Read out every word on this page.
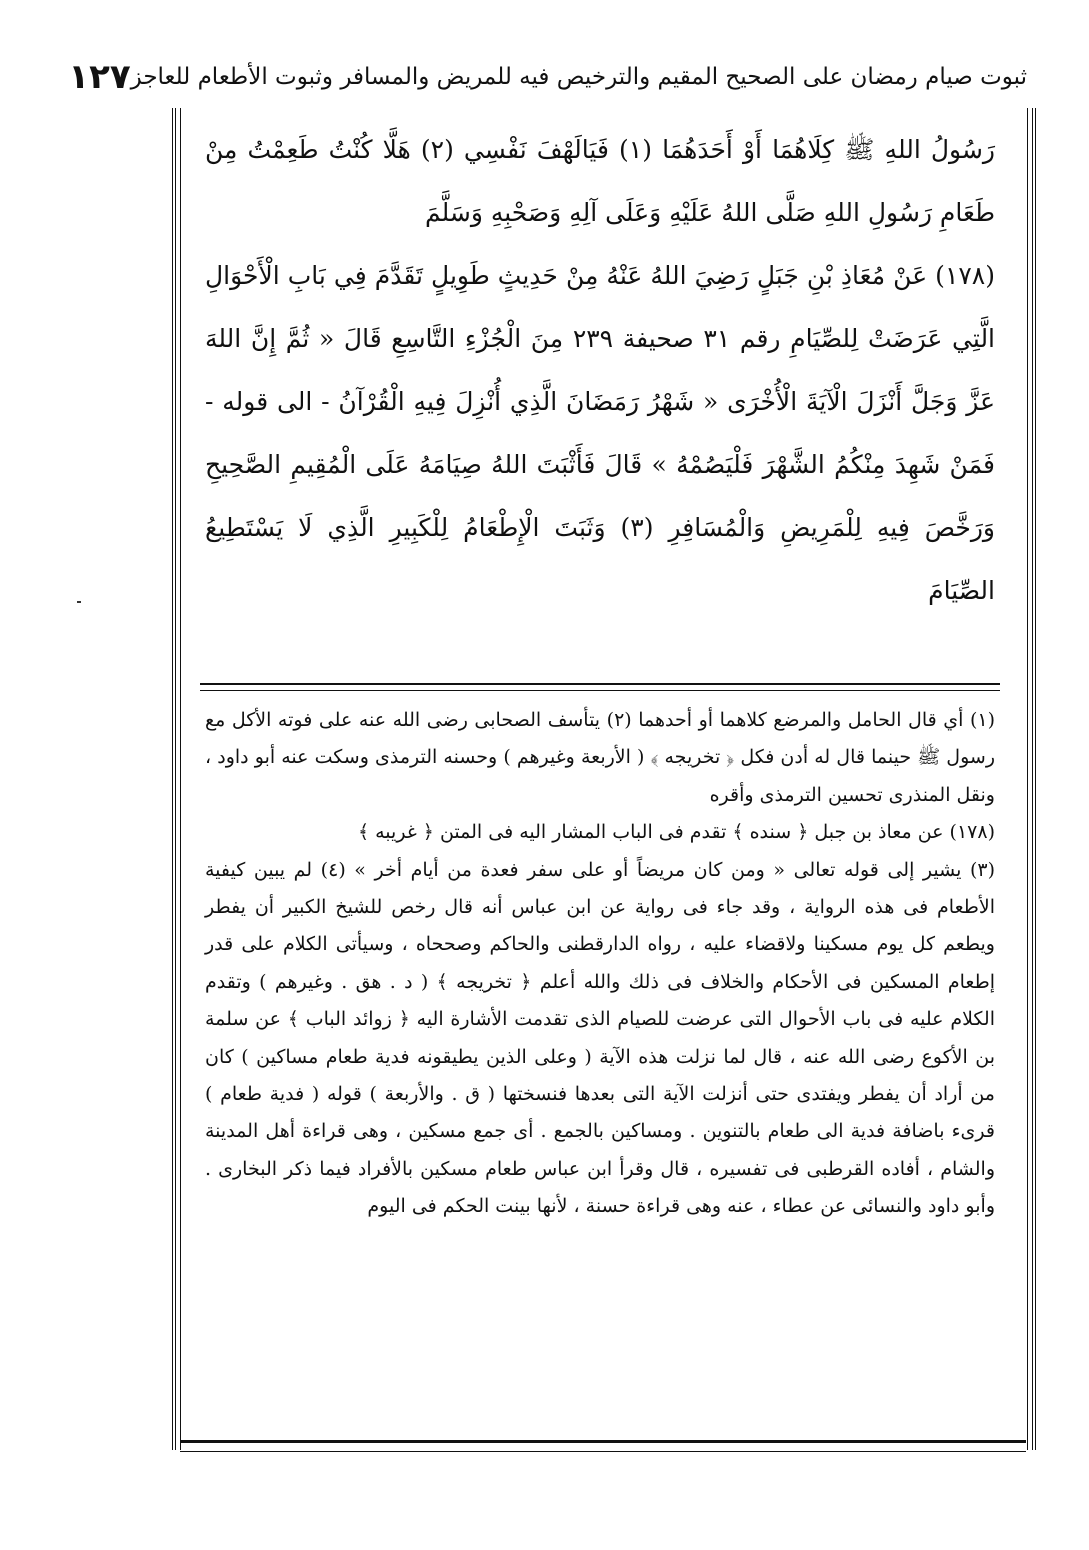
ثبوت صيام رمضان على الصحيح المقيم والترخيص فيه للمريض والمسافر وثبوت الأطعام للعاجز
١٢٧

رَسُولُ اللهِ ﷺ كِلَاهُمَا أَوْ أَحَدَهُمَا (١) فَيَالَهْفَ نَفْسِي (٢) هَلَّا كُنْتُ طَعِمْتُ مِنْ طَعَامِ رَسُولِ اللهِ صَلَّى اللهُ عَلَيْهِ وَعَلَى آلِهِ وَصَحْبِهِ وَسَلَّمَ

(١٧٨) عَنْ مُعَاذِ بْنِ جَبَلٍ رَضِيَ اللهُ عَنْهُ مِنْ حَدِيثٍ طَوِيلٍ تَقَدَّمَ فِي بَابِ الْأَحْوَالِ الَّتِي عَرَضَتْ لِلصِّيَامِ رقم ٣١ صحيفة ٢٣٩ مِنَ الْجُزْءِ التَّاسِعِ قَالَ « ثُمَّ إِنَّ اللهَ عَزَّ وَجَلَّ أَنْزَلَ الْآيَةَ الْأُخْرَى « شَهْرُ رَمَضَانَ الَّذِي أُنْزِلَ فِيهِ الْقُرْآنُ - الى قوله - فَمَنْ شَهِدَ مِنْكُمُ الشَّهْرَ فَلْيَصُمْهُ » قَالَ فَأَثْبَتَ اللهُ صِيَامَهُ عَلَى الْمُقِيمِ الصَّحِيحِ وَرَخَّصَ فِيهِ لِلْمَرِيضِ وَالْمُسَافِرِ (٣) وَثَبَتَ الْإِطْعَامُ لِلْكَبِيرِ الَّذِي لَا يَسْتَطِيعُ الصِّيَامَ

(١) أي قال الحامل والمرضع كلاهما أو أحدهما (٢) يتأسف الصحابى رضى الله عنه على فوته الأكل مع رسول ﷺ حينما قال له أدن فكل ﴿ تخريجه ﴾ ( الأربعة وغيرهم ) وحسنه الترمذى وسكت عنه أبو داود ، ونقل المنذرى تحسين الترمذى وأقره

(١٧٨) عن معاذ بن جبل ﴿ سنده ﴾ تقدم فى الباب المشار اليه فى المتن ﴿ غريبه ﴾

(٣) يشير إلى قوله تعالى « ومن كان مريضاً أو على سفر فعدة من أيام أخر » (٤) لم يبين كيفية الأطعام فى هذه الرواية ، وقد جاء فى رواية عن ابن عباس أنه قال رخص للشيخ الكبير أن يفطر ويطعم كل يوم مسكينا ولاقضاء عليه ، رواه الدارقطنى والحاكم وصححاه ، وسيأتى الكلام على قدر إطعام المسكين فى الأحكام والخلاف فى ذلك والله أعلم ﴿ تخريجه ﴾ ( د . هق . وغيرهم ) وتقدم الكلام عليه فى باب الأحوال التى عرضت للصيام الذى تقدمت الأشارة اليه ﴿ زوائد الباب ﴾ عن سلمة بن الأكوع رضى الله عنه ، قال لما نزلت هذه الآية ( وعلى الذين يطيقونه فدية طعام مساكين ) كان من أراد أن يفطر ويفتدى حتى أنزلت الآية التى بعدها فنسختها ( ق . والأربعة ) قوله ( فدية طعام ) قرىء باضافة فدية الى طعام بالتنوين . ومساكين بالجمع . أى جمع مسكين ، وهى قراءة أهل المدينة والشام ، أفاده القرطبى فى تفسيره ، قال وقرأ ابن عباس طعام مسكين بالأفراد فيما ذكر البخارى . وأبو داود والنسائى عن عطاء ، عنه وهى قراءة حسنة ، لأنها بينت الحكم فى اليوم
